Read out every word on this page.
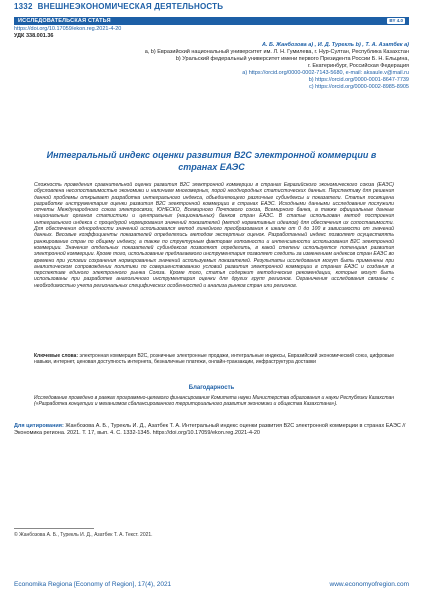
1332 ВНЕШНЕЭКОНОМИЧЕСКАЯ ДЕЯТЕЛЬНОСТЬ
ИССЛЕДОВАТЕЛЬСКАЯ СТАТЬЯ	BY 4.0
https://doi.org/10.17059/ekon.reg.2021-4-20
УДК 338.001.36
А. Б. Жанбозова a) , И. Д. Турекль b) , Т. А. Азатбек a)
a, b) Евразийский национальный университет им. Л. Н. Гумилева, г. Нур-Султан, Республика Казахстан
b) Уральский федеральный университет имени первого Президента России Б. Н. Ельцина,
г. Екатеринбург, Российская Федерация
a) https://orcid.org/0000-0002-7143-5680, e-mail: aksaule.v@mail.ru
b) https://orcid.org/0000-0001-8647-7739
c) https://orcid.org/0000-0002-8985-8905
Интегральный индекс оценки развития B2C электронной коммерции в странах ЕАЭС
Сложность проведения сравнительной оценки развития В2С электронной коммерции в странах Евразийского экономического союза (ЕАЭС) обусловлена несопоставимостью экономики и наличием многомерных, порой неоднородных статистических данных. Перспективу для решения данной проблемы открывает разработка интегрального индекса, объединяющего различные субиндексы и показатели. Статья посвящена разработке инструментария оценки развития В2С электронной коммерции в странах ЕАЭС. Исходными данными исследования послужили отчеты Международного союза электросвязи, ЮНЕСКО, Всемирного Почтового союза, Всемирного банка, а также официальные данные национальных органов статистики и центральных (национальных) банков стран ЕАЭС. В статье использован метод построения интегрального индекса с процедурой нормирования значений показателей (метод нормативных идеалов) для обеспечения их сопоставимости. Для обеспечения однородности значений использовался метод линейного преобразования к шкале от 0 до 100 в зависимости от значений данных. Весовые коэффициенты показателей определялись методом экспертных оценок. Разработанный индекс позволяет осуществлять ранжирование стран по общему индексу, а также по структурным факторам готовности и интенсивности использования В2С электронной коммерции. Значения отдельных показателей субиндексов позволяют определить, в какой степени используется потенциал развития электронной коммерции. Кроме того, использование предлагаемого инструментария позволяет следить за изменением индексов стран ЕАЭС во времени при условии сохранения нормированных значений используемых показателей. Результаты исследования могут быть применены при аналитическом сопровождении политики по совершенствованию условий развития электронной коммерции в странах ЕАЭС и создания в перспективе единого электронного рынка Союза. Кроме того, статья содержит методические рекомендации, которые могут быть использованы при разработке аналогичного инструментария оценки для других групп регионов. Ограничения исследования связаны с необходимостью учета региональных специфических особенностей и анализа рынков стран или регионов.
Ключевые слова: электронная коммерция B2C, розничные электронные продажи, интегральные индексы, Евразийский экономический союз, цифровые навыки, интернет, ценовая доступность интернета, безналичные платежи, онлайн-транзакции, инфраструктура доставки
Благодарность
Исследование проведено в рамках программно-целевого финансирования Комитета науки Министерства образования и науки Республики Казахстан («Разработка концепции и механизмов сбалансированного территориального развития экономики и общества Казахстана»).
Для цитирования: Жанбозова А. Б., Турекль И. Д., Азатбек Т. А. Интегральный индекс оценки развития B2C электронной коммерции в странах ЕАЭС // Экономика региона. 2021. Т. 17, вып. 4. С. 1332-1345. https://doi.org/10.17059/ekon.reg.2021-4-20
© Жанбозова А. Б., Турекль И. Д., Азатбек Т. А. Текст. 2021.
Economika Regiona [Economy of Region], 17(4), 2021	www.economyofregion.com
